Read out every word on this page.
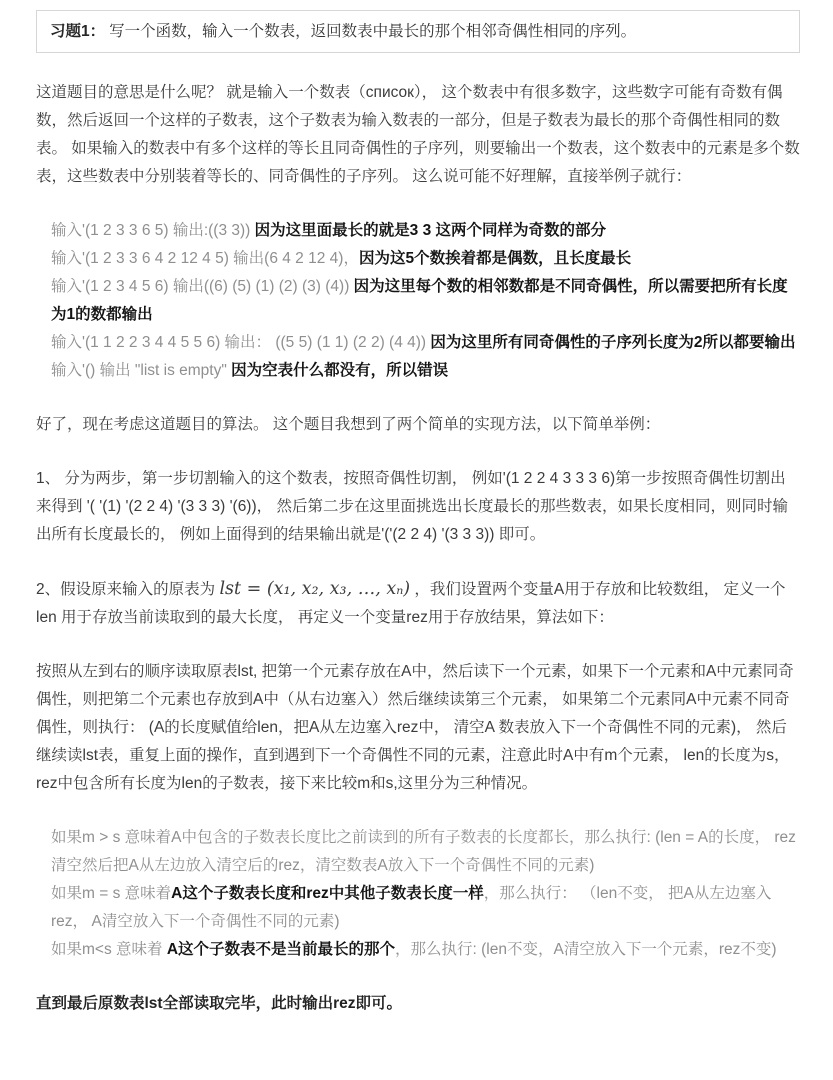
习题1： 写一个函数，输入一个数表，返回数表中最长的那个相邻奇偶性相同的序列。

这道题目的意思是什么呢？ 就是输入一个数表（список）， 这个数表中有很多数字，这些数字可能有奇数有偶数，然后返回一个这样的子数表，这个子数表为输入数表的一部分，但是子数表为最长的那个奇偶性相同的数表。 如果输入的数表中有多个这样的等长且同奇偶性的子序列，则要输出一个数表，这个数表中的元素是多个数表，这些数表中分别装着等长的、同奇偶性的子序列。 这么说可能不好理解，直接举例子就行：

输入'(1 2 3 3 6 5) 输出:((3 3)) 因为这里面最长的就是3 3 这两个同样为奇数的部分
输入'(1 2 3 3 6 4 2 12 4 5) 输出(6 4 2 12 4)，因为这5个数挨着都是偶数，且长度最长
输入'(1 2 3 4 5 6) 输出((6) (5) (1) (2) (3) (4)) 因为这里每个数的相邻数都是不同奇偶性，所以需要把所有长度为1的数都输出
输入'(1 1 2 2 3 4 4 5 5 6) 输出： ((5 5) (1 1) (2 2) (4 4)) 因为这里所有同奇偶性的子序列长度为2所以都要输出
输入'() 输出 "list is empty" 因为空表什么都没有，所以错误

好了，现在考虑这道题目的算法。 这个题目我想到了两个简单的实现方法，以下简单举例：

1、 分为两步，第一步切割输入的这个数表，按照奇偶性切割， 例如'(1 2 2 4 3 3 3 6)第一步按照奇偶性切割出来得到 '( '(1) '(2 2 4) '(3 3 3) '(6))， 然后第二步在这里面挑选出长度最长的那些数表，如果长度相同，则同时输出所有长度最长的， 例如上面得到的结果输出就是'('(2 2 4) '(3 3 3)) 即可。

2、假设原来输入的原表为 lst = (x₁, x₂, x₃, …, xₙ) ，我们设置两个变量A用于存放和比较数组， 定义一个len 用于存放当前读取到的最大长度， 再定义一个变量rez用于存放结果，算法如下：

按照从左到右的顺序读取原表lst, 把第一个元素存放在A中，然后读下一个元素，如果下一个元素和A中元素同奇偶性，则把第二个元素也存放到A中（从右边塞入）然后继续读第三个元素， 如果第二个元素同A中元素不同奇偶性，则执行： (A的长度赋值给len，把A从左边塞入rez中， 清空A 数表放入下一个奇偶性不同的元素)， 然后继续读lst表，重复上面的操作，直到遇到下一个奇偶性不同的元素，注意此时A中有m个元素， len的长度为s， rez中包含所有长度为len的子数表，接下来比较m和s,这里分为三种情况。

如果m > s 意味着A中包含的子数表长度比之前读到的所有子数表的长度都长，那么执行: (len = A的长度， rez清空然后把A从左边放入清空后的rez，清空数表A放入下一个奇偶性不同的元素)
如果m = s 意味着A这个子数表长度和rez中其他子数表长度一样，那么执行： （len不变， 把A从左边塞入rez， A清空放入下一个奇偶性不同的元素)
如果m<s 意味着 A这个子数表不是当前最长的那个，那么执行: (len不变，A清空放入下一个元素，rez不变)

直到最后原数表lst全部读取完毕，此时输出rez即可。
